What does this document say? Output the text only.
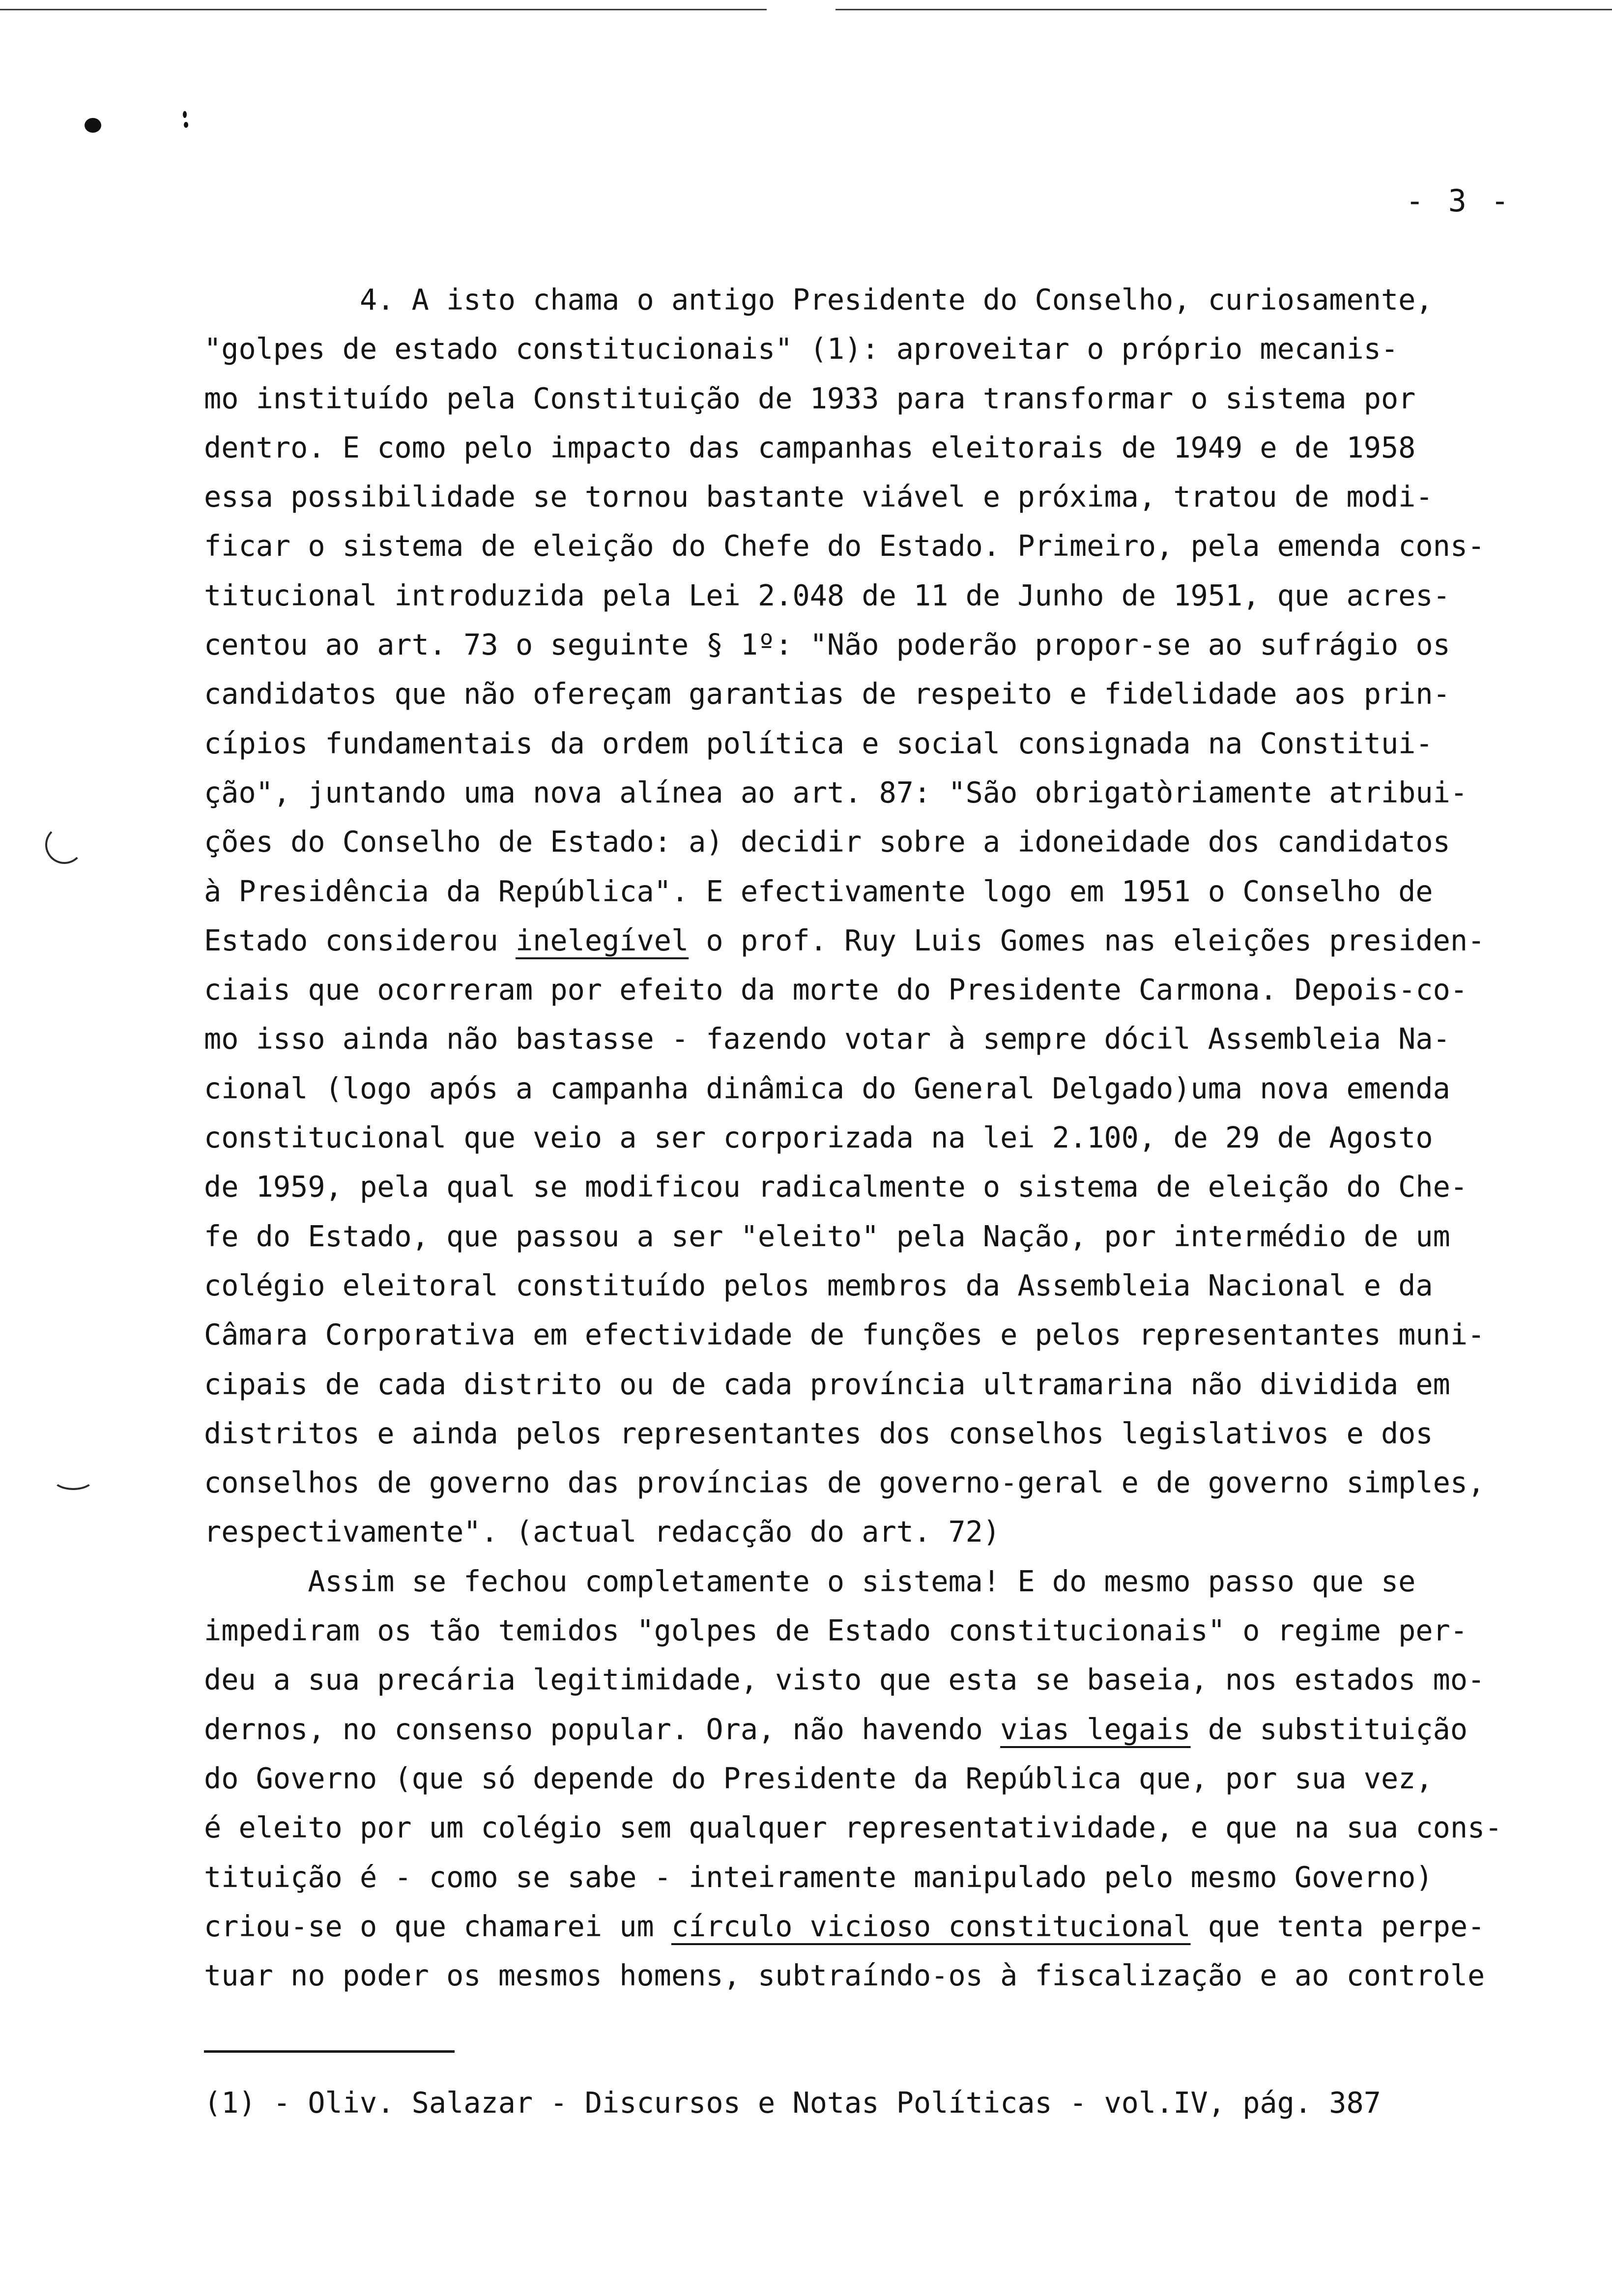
- 3 -
4. A isto chama o antigo Presidente do Conselho, curiosamente,
"golpes de estado constitucionais" (1): aproveitar o próprio mecanis-
mo instituído pela Constituição de 1933 para transformar o sistema por
dentro. E como pelo impacto das campanhas eleitorais de 1949 e de 1958
essa possibilidade se tornou bastante viável e próxima, tratou de modi-
ficar o sistema de eleição do Chefe do Estado. Primeiro, pela emenda cons-
titucional introduzida pela Lei 2.048 de 11 de Junho de 1951, que acres-
centou ao art. 73 o seguinte § 1º: "Não poderão propor-se ao sufrágio os
candidatos que não ofereçam garantias de respeito e fidelidade aos prin-
cípios fundamentais da ordem política e social consignada na Constitui-
ção", juntando uma nova alínea ao art. 87: "São obrigatòriamente atribui-
ções do Conselho de Estado: a) decidir sobre a idoneidade dos candidatos
à Presidência da República". E efectivamente logo em 1951 o Conselho de
Estado considerou inelegível o prof. Ruy Luis Gomes nas eleições presiden-
ciais que ocorreram por efeito da morte do Presidente Carmona. Depois-co-
mo isso ainda não bastasse - fazendo votar à sempre dócil Assembleia Na-
cional (logo após a campanha dinâmica do General Delgado)uma nova emenda
constitucional que veio a ser corporizada na lei 2.100, de 29 de Agosto
de 1959, pela qual se modificou radicalmente o sistema de eleição do Che-
fe do Estado, que passou a ser "eleito" pela Nação, por intermédio de um
colégio eleitoral constituído pelos membros da Assembleia Nacional e da
Câmara Corporativa em efectividade de funções e pelos representantes muni-
cipais de cada distrito ou de cada província ultramarina não dividida em
distritos e ainda pelos representantes dos conselhos legislativos e dos
conselhos de governo das províncias de governo-geral e de governo simples,
respectivamente". (actual redacção do art. 72)
Assim se fechou completamente o sistema! E do mesmo passo que se
impediram os tão temidos "golpes de Estado constitucionais" o regime per-
deu a sua precária legitimidade, visto que esta se baseia, nos estados mo-
dernos, no consenso popular. Ora, não havendo vias legais de substituição
do Governo (que só depende do Presidente da República que, por sua vez,
é eleito por um colégio sem qualquer representatividade, e que na sua cons-
tituição é - como se sabe - inteiramente manipulado pelo mesmo Governo)
criou-se o que chamarei um círculo vicioso constitucional que tenta perpe-
tuar no poder os mesmos homens, subtraíndo-os à fiscalização e ao controle
(1) - Oliv. Salazar - Discursos e Notas Políticas - vol.IV, pág. 387
